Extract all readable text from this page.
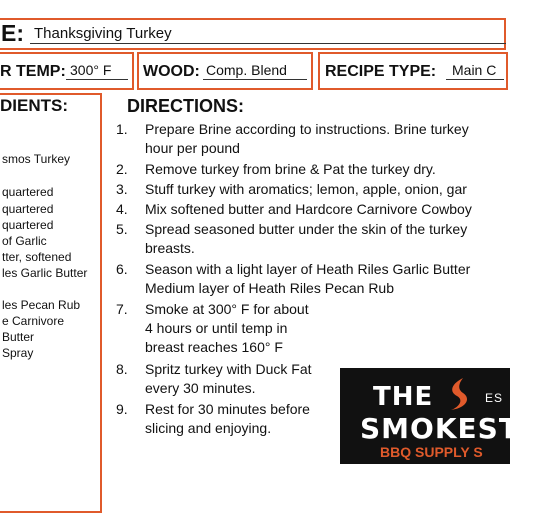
E: Thanksgiving Turkey
R TEMP: 300° F WOOD: Comp. Blend RECIPE TYPE: Main C
DIENTS:
smos Turkey
quartered
quartered
quartered
of Garlic
tter, softened
les Garlic Butter
les Pecan Rub
e Carnivore
Butter
Spray
DIRECTIONS:
1. Prepare Brine according to instructions. Brine turkey
hour per pound
2. Remove turkey from brine & Pat the turkey dry.
3. Stuff turkey with aromatics; lemon, apple, onion, gar
4. Mix softened butter and Hardcore Carnivore Cowboy
5. Spread seasoned butter under the skin of the turkey
breasts.
6. Season with a light layer of Heath Riles Garlic Butter
Medium layer of Heath Riles Pecan Rub
7. Smoke at 300° F for about
4 hours or until temp in
breast reaches 160° F
8. Spritz turkey with Duck Fat
every 30 minutes.
9. Rest for 30 minutes before
slicing and enjoying.
THE	ES
SMOKESTA
BBQ SUPPLY S
